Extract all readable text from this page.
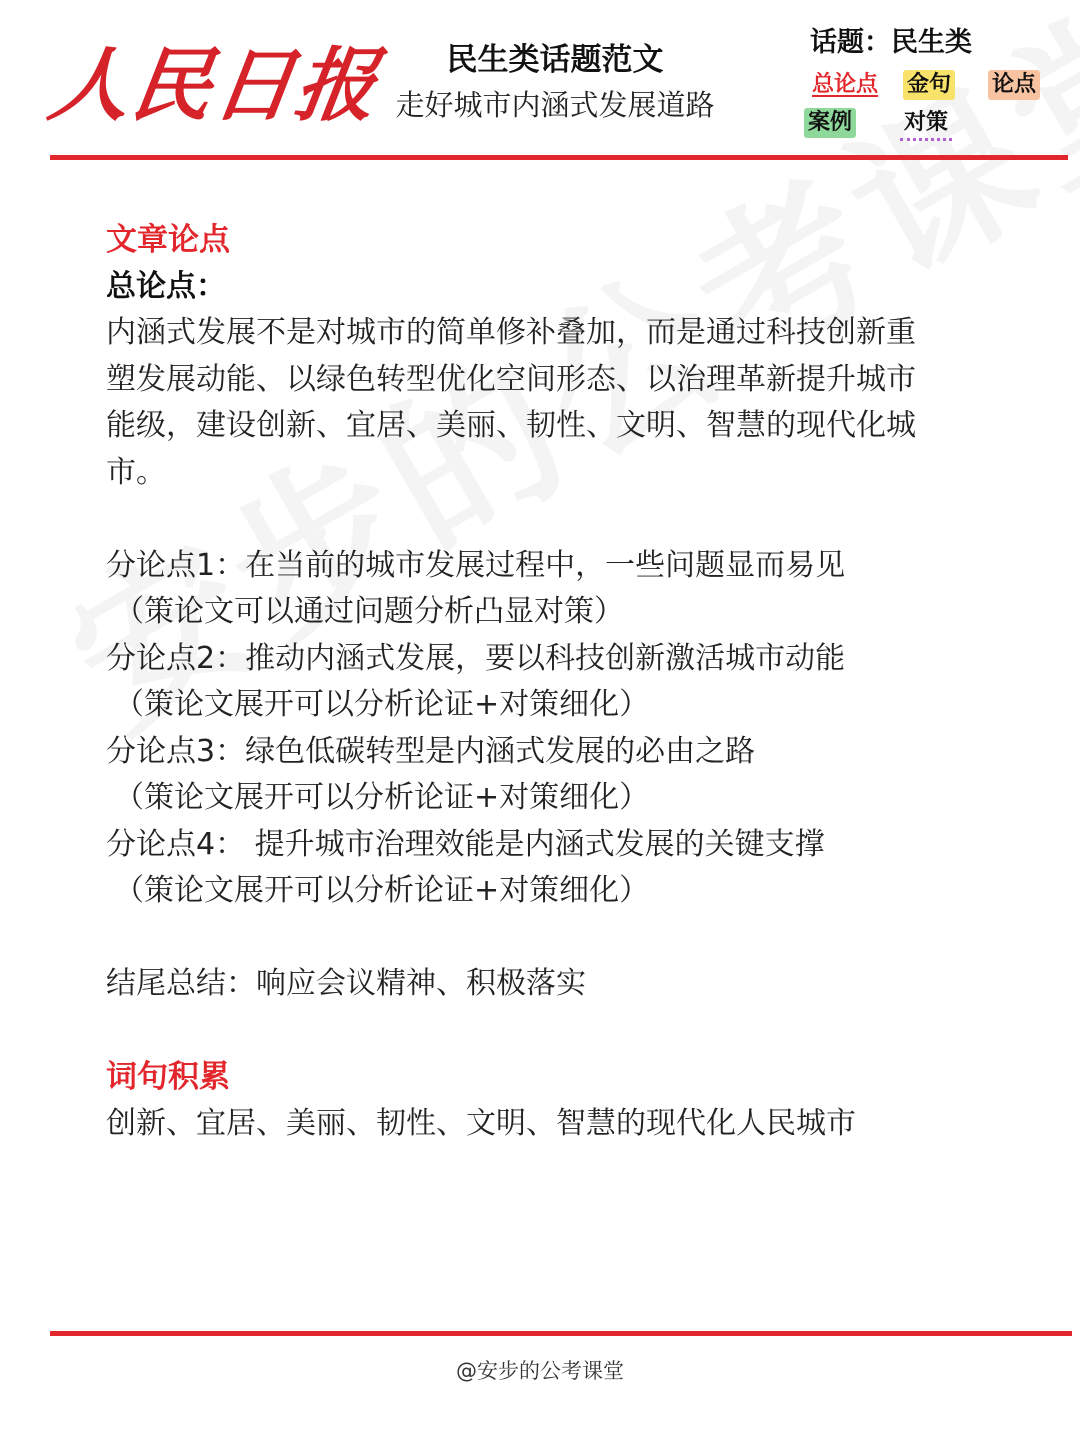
人民日报	民生类话题范文
走好城市内涵式发展道路
话题：民生类
总论点 金句 论点
案例 对策
文章论点
总论点：
内涵式发展不是对城市的简单修补叠加，而是通过科技创新重
塑发展动能、以绿色转型优化空间形态、以治理革新提升城市
能级，建设创新、宜居、美丽、韧性、文明、智慧的现代化城
市。
分论点1：在当前的城市发展过程中，一些问题显而易见
（策论文可以通过问题分析凸显对策）
分论点2：推动内涵式发展，要以科技创新激活城市动能
（策论文展开可以分析论证+对策细化）
分论点3：绿色低碳转型是内涵式发展的必由之路
（策论文展开可以分析论证+对策细化）
分论点4： 提升城市治理效能是内涵式发展的关键支撑
（策论文展开可以分析论证+对策细化）
结尾总结：响应会议精神、积极落实
词句积累
创新、宜居、美丽、韧性、文明、智慧的现代化人民城市
@安步的公考课堂
